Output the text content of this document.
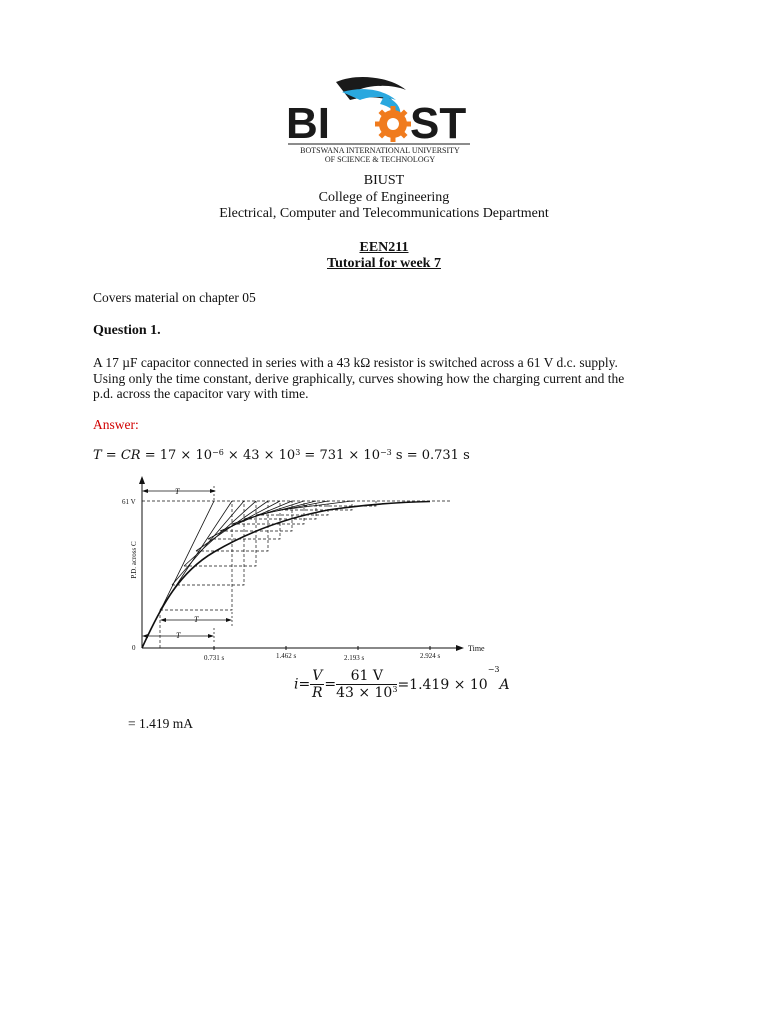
BI ST
BOTSWANA INTERNATIONAL UNIVERSITY
OF SCIENCE & TECHNOLOGY
BIUST
College of Engineering
Electrical, Computer and Telecommunications Department
EEN211
Tutorial for week 7
Covers material on chapter 05
Question 1.
A 17 µF capacitor connected in series with a 43 kΩ resistor is switched across a 61 V d.c. supply.
Using only the time constant, derive graphically, curves showing how the charging current and the
p.d. across the capacitor vary with time.
Answer:
T = CR = $17 \times 10^{-6} \times 43 \times 10^3 = 731 \times 10^{-3}$ s = 0.731 s
P.D. across C
61 V
0	Time
0.731 s	1.462 s	2.193 s	2.924 s
T
T
T
$i= \frac{V}{R} = \frac{61 V}{43 \times 10^3} =1.419 \times 10^{-3}A$
= 1.419 mA
